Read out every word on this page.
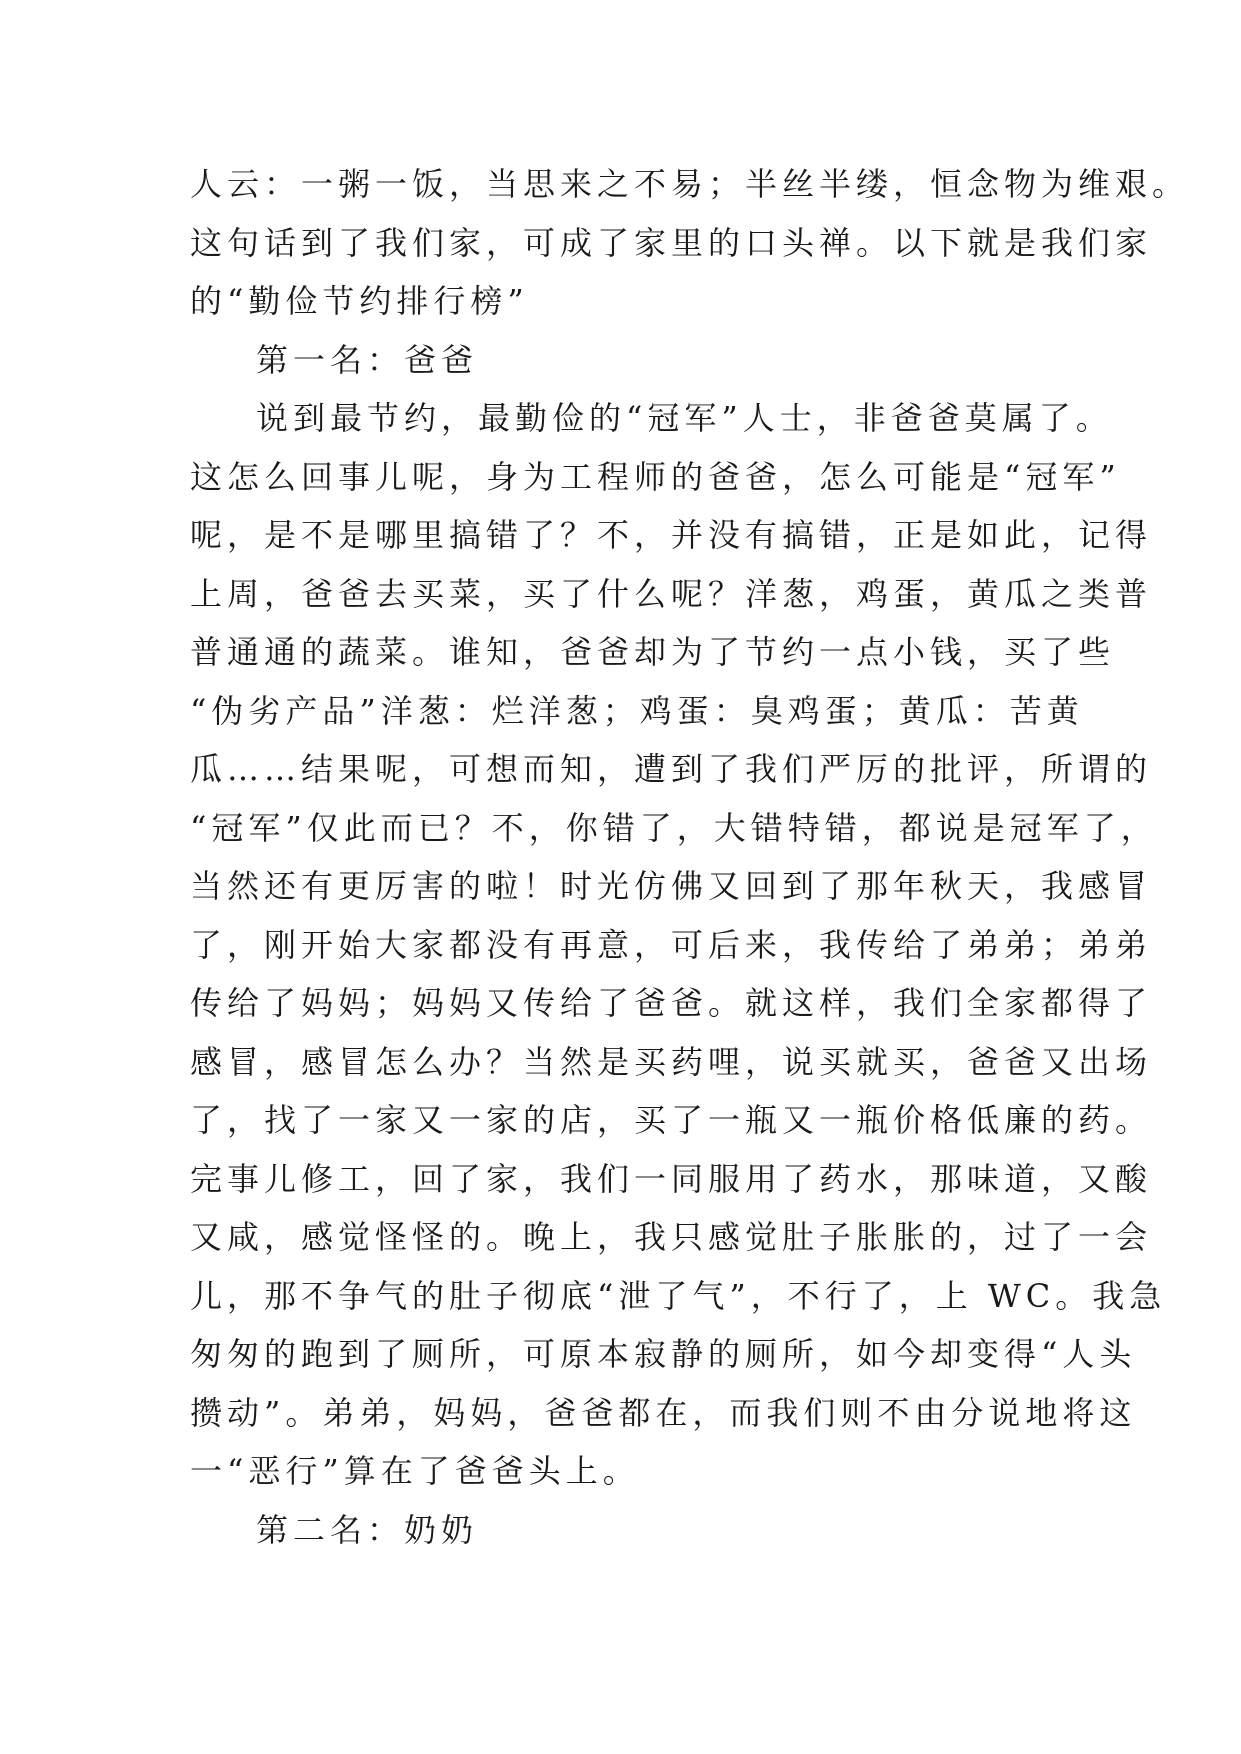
人云：一粥一饭，当思来之不易；半丝半缕，恒念物为维艰。
这句话到了我们家，可成了家里的口头禅。以下就是我们家
的“勤俭节约排行榜”
第一名：爸爸
说到最节约，最勤俭的“冠军”人士，非爸爸莫属了。
这怎么回事儿呢，身为工程师的爸爸，怎么可能是“冠军”
呢，是不是哪里搞错了？不，并没有搞错，正是如此，记得
上周，爸爸去买菜，买了什么呢？洋葱，鸡蛋，黄瓜之类普
普通通的蔬菜。谁知，爸爸却为了节约一点小钱，买了些
“伪劣产品”洋葱：烂洋葱；鸡蛋：臭鸡蛋；黄瓜：苦黄
瓜……结果呢，可想而知，遭到了我们严厉的批评，所谓的
“冠军”仅此而已？不，你错了，大错特错，都说是冠军了，
当然还有更厉害的啦！时光仿佛又回到了那年秋天，我感冒
了，刚开始大家都没有再意，可后来，我传给了弟弟；弟弟
传给了妈妈；妈妈又传给了爸爸。就这样，我们全家都得了
感冒，感冒怎么办？当然是买药哩，说买就买，爸爸又出场
了，找了一家又一家的店，买了一瓶又一瓶价格低廉的药。
完事儿修工，回了家，我们一同服用了药水，那味道，又酸
又咸，感觉怪怪的。晚上，我只感觉肚子胀胀的，过了一会
儿，那不争气的肚子彻底“泄了气”，不行了，上 WC。我急
匆匆的跑到了厕所，可原本寂静的厕所，如今却变得“人头
攒动”。弟弟，妈妈，爸爸都在，而我们则不由分说地将这
一“恶行”算在了爸爸头上。
第二名：奶奶
